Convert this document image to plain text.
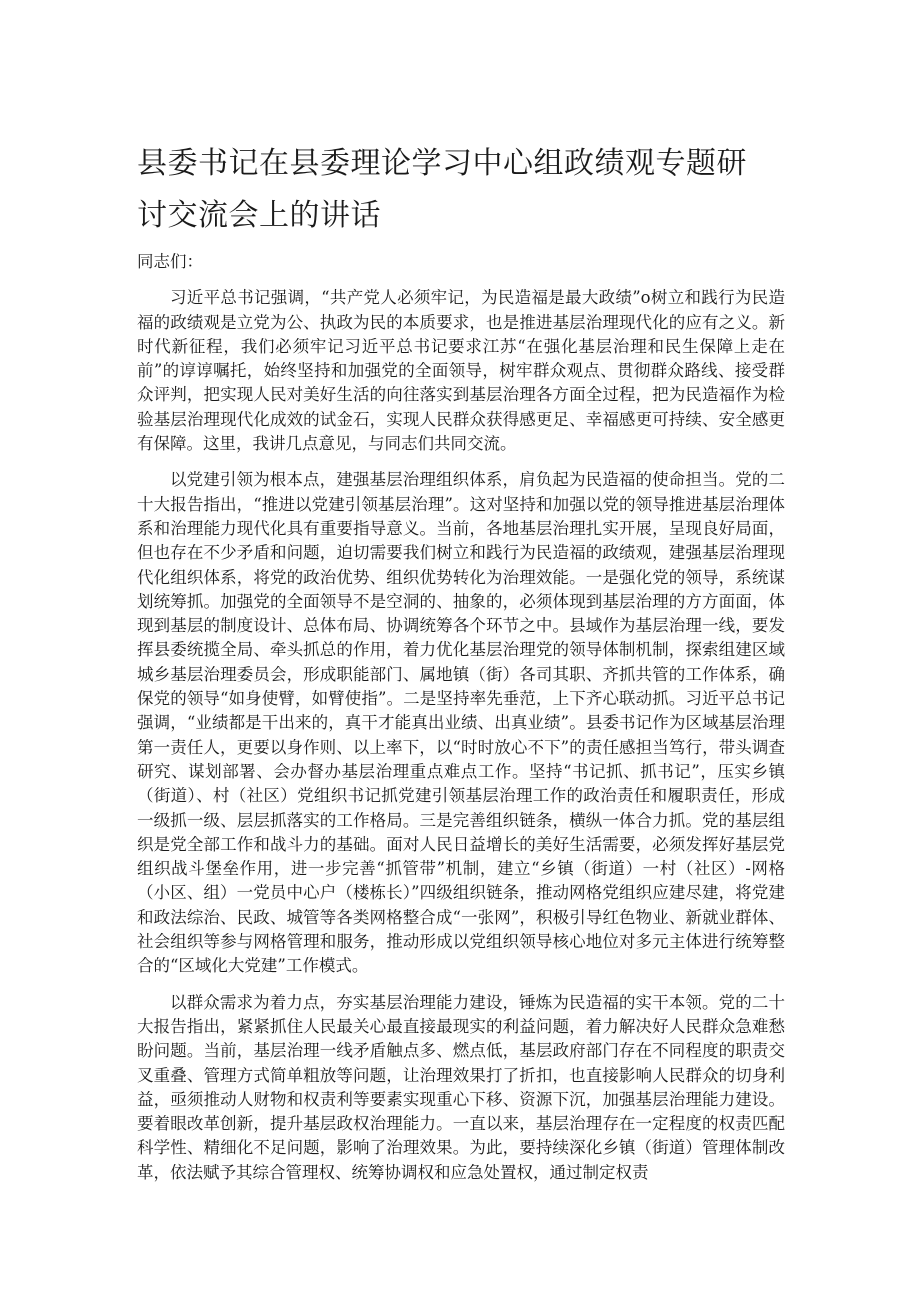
县委书记在县委理论学习中心组政绩观专题研讨交流会上的讲话

同志们：

习近平总书记强调，“共产党人必须牢记，为民造福是最大政绩”o树立和践行为民造福的政绩观是立党为公、执政为民的本质要求，也是推进基层治理现代化的应有之义。新时代新征程，我们必须牢记习近平总书记要求江苏“在强化基层治理和民生保障上走在前”的谆谆嘱托，始终坚持和加强党的全面领导，树牢群众观点、贯彻群众路线、接受群众评判，把实现人民对美好生活的向往落实到基层治理各方面全过程，把为民造福作为检验基层治理现代化成效的试金石，实现人民群众获得感更足、幸福感更可持续、安全感更有保障。这里，我讲几点意见，与同志们共同交流。

以党建引领为根本点，建强基层治理组织体系，肩负起为民造福的使命担当。党的二十大报告指出，“推进以党建引领基层治理”。这对坚持和加强以党的领导推进基层治理体系和治理能力现代化具有重要指导意义。当前，各地基层治理扎实开展，呈现良好局面，但也存在不少矛盾和问题，迫切需要我们树立和践行为民造福的政绩观，建强基层治理现代化组织体系，将党的政治优势、组织优势转化为治理效能。一是强化党的领导，系统谋划统筹抓。加强党的全面领导不是空洞的、抽象的，必须体现到基层治理的方方面面，体现到基层的制度设计、总体布局、协调统筹各个环节之中。县域作为基层治理一线，要发挥县委统揽全局、牵头抓总的作用，着力优化基层治理党的领导体制机制，探索组建区域城乡基层治理委员会，形成职能部门、属地镇（街）各司其职、齐抓共管的工作体系，确保党的领导“如身使臂，如臂使指”。二是坚持率先垂范，上下齐心联动抓。习近平总书记强调，“业绩都是干出来的，真干才能真出业绩、出真业绩”。县委书记作为区域基层治理第一责任人，更要以身作则、以上率下，以“时时放心不下”的责任感担当笃行，带头调查研究、谋划部署、会办督办基层治理重点难点工作。坚持“书记抓、抓书记”，压实乡镇（街道）、村（社区）党组织书记抓党建引领基层治理工作的政治责任和履职责任，形成一级抓一级、层层抓落实的工作格局。三是完善组织链条，横纵一体合力抓。党的基层组织是党全部工作和战斗力的基础。面对人民日益增长的美好生活需要，必须发挥好基层党组织战斗堡垒作用，进一步完善“抓管带”机制，建立“乡镇（街道）一村（社区）-网格（小区、组）一党员中心户（楼栋长）”四级组织链条，推动网格党组织应建尽建，将党建和政法综治、民政、城管等各类网格整合成“一张网”，积极引导红色物业、新就业群体、社会组织等参与网格管理和服务，推动形成以党组织领导核心地位对多元主体进行统筹整合的“区域化大党建”工作模式。

以群众需求为着力点，夯实基层治理能力建设，锤炼为民造福的实干本领。党的二十大报告指出，紧紧抓住人民最关心最直接最现实的利益问题，着力解决好人民群众急难愁盼问题。当前，基层治理一线矛盾触点多、燃点低，基层政府部门存在不同程度的职责交叉重叠、管理方式简单粗放等问题，让治理效果打了折扣，也直接影响人民群众的切身利益，亟须推动人财物和权责利等要素实现重心下移、资源下沉，加强基层治理能力建设。要着眼改革创新，提升基层政权治理能力。一直以来，基层治理存在一定程度的权责匹配科学性、精细化不足问题，影响了治理效果。为此，要持续深化乡镇（街道）管理体制改革，依法赋予其综合管理权、统筹协调权和应急处置权，通过制定权责
